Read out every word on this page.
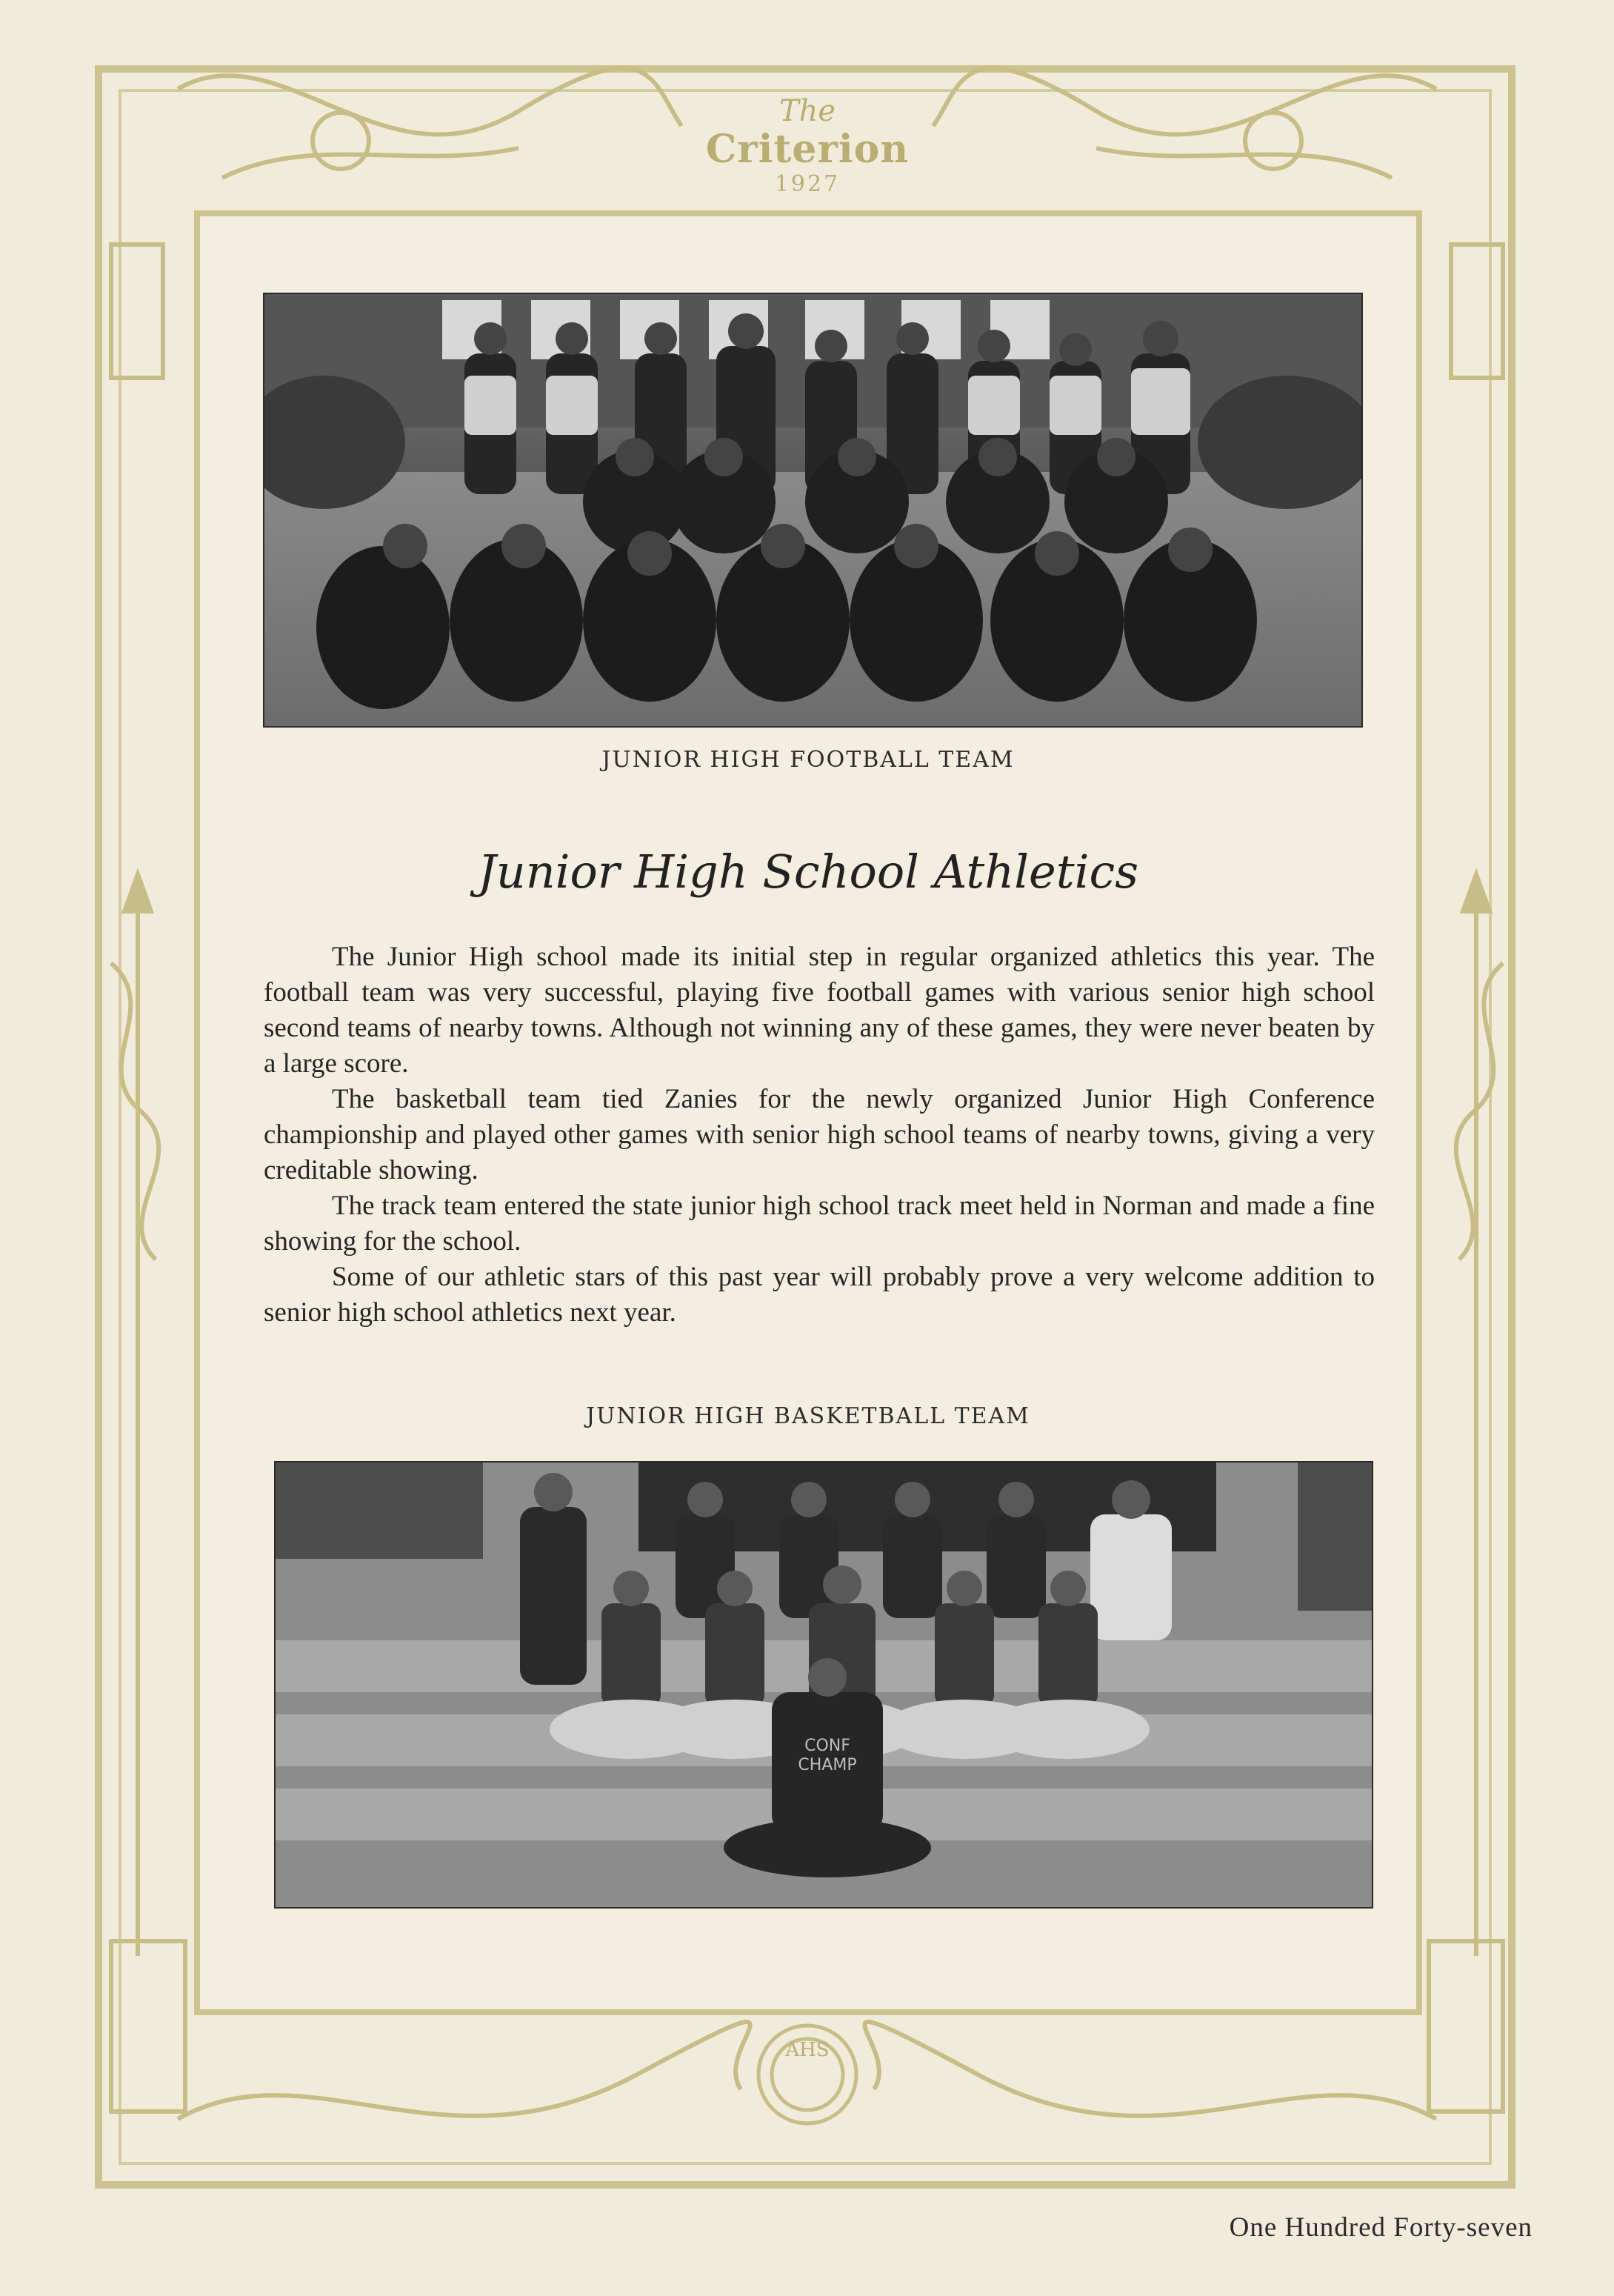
AHS
The
Criterion
1927
JUNIOR HIGH FOOTBALL TEAM
Junior High School Athletics

The Junior High school made its initial step in regular organized athletics this year. The football team was very successful, playing five football games with various senior high school second teams of nearby towns. Although not winning any of these games, they were never beaten by a large score.

The basketball team tied Zanies for the newly organized Junior High Conference championship and played other games with senior high school teams of nearby towns, giving a very creditable showing.

The track team entered the state junior high school track meet held in Norman and made a fine showing for the school.

Some of our athletic stars of this past year will probably prove a very welcome addition to senior high school athletics next year.

JUNIOR HIGH BASKETBALL TEAM
CONF CHAMP
One Hundred Forty-seven
